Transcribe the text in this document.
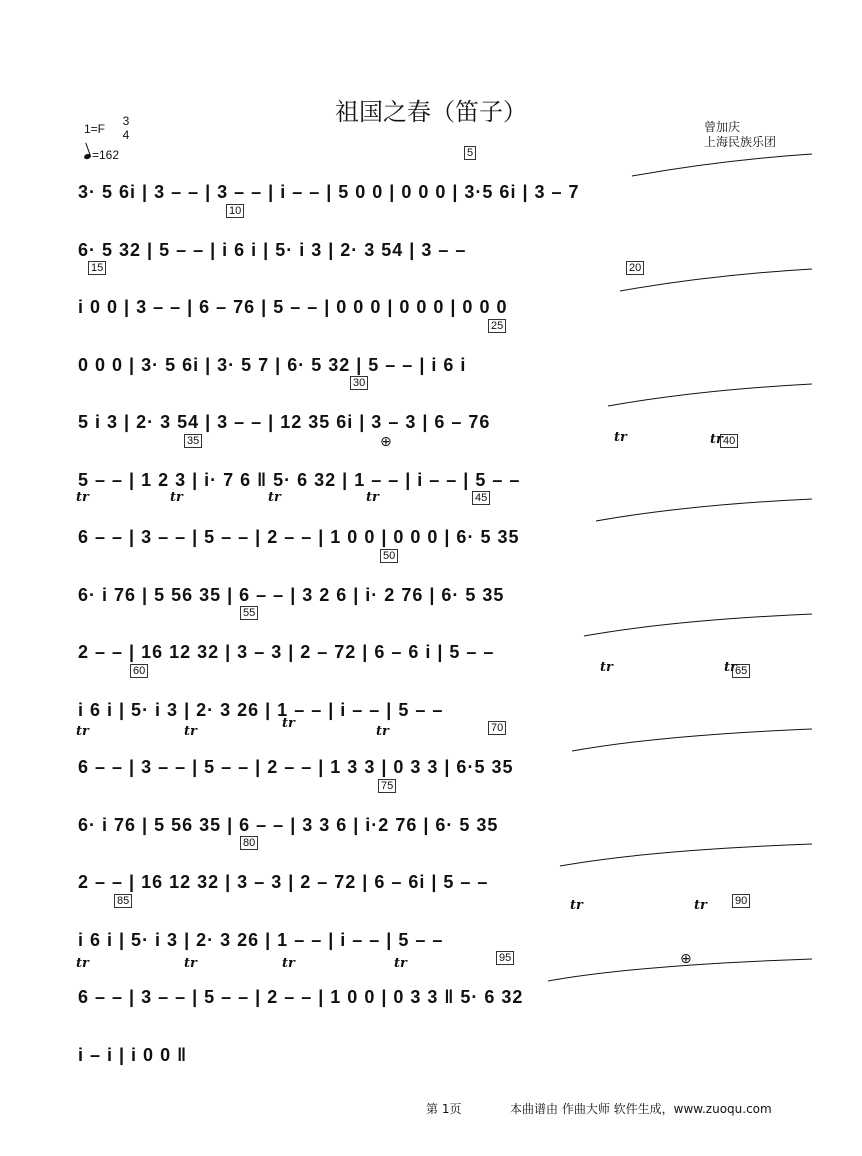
祖国之春（笛子）
1=F
3
4
=162
曾加庆
上海民族乐团
3· 5 6i | 3 – – | 3 – – | i – – | 5 0 0 | 0 0 0 | 3·5 6i | 3 – 7
5
6· 5 32 | 5 – – | i 6 i | 5· i 3 | 2· 3 54 | 3 – –
10
i 0 0 | 3 – – | 6 – 76 | 5 – – | 0 0 0 | 0 0 0 | 0 0 0
15	20
0 0 0 | 3· 5 6i | 3· 5 7 | 6· 5 32 | 5 – – | i 6 i
25
5 i 3 | 2· 3 54 | 3 – – | 12 35 6i | 3 – 3 | 6 – 76
30
5 – – | 1 2 3 | i· 7 6 ‖ 5· 6 32 | 1 – – | i – – | 5 – –
35	40
6 – – | 3 – – | 5 – – | 2 – – | 1 0 0 | 0 0 0 | 6· 5 35
45
6· i 76 | 5 56 35 | 6 – – | 3 2 6 | i· 2 76 | 6· 5 35
50
2 – – | 16 12 32 | 3 – 3 | 2 – 72 | 6 – 6 i | 5 – –
55
i 6 i | 5· i 3 | 2· 3 26 | 1 – – | i – – | 5 – –
60	65
6 – – | 3 – – | 5 – – | 2 – – | 1 3 3 | 0 3 3 | 6·5 35
70
6· i 76 | 5 56 35 | 6 – – | 3 3 6 | i·2 76 | 6· 5 35
75
2 – – | 16 12 32 | 3 – 3 | 2 – 72 | 6 – 6i | 5 – –
80
i 6 i | 5· i 3 | 2· 3 26 | 1 – – | i – – | 5 – –
85	90
6 – – | 3 – – | 5 – – | 2 – – | 1 0 0 | 0 3 3 ‖ 5· 6 32
95
i – i | i 0 0 ‖
第 1页	本曲谱由 作曲大师 软件生成，www.zuoqu.com
tr	tr
tr	tr	tr	tr
tr	tr
tr	tr
tr
tr
tr	tr
tr	tr	tr	tr
⊕
⊕
